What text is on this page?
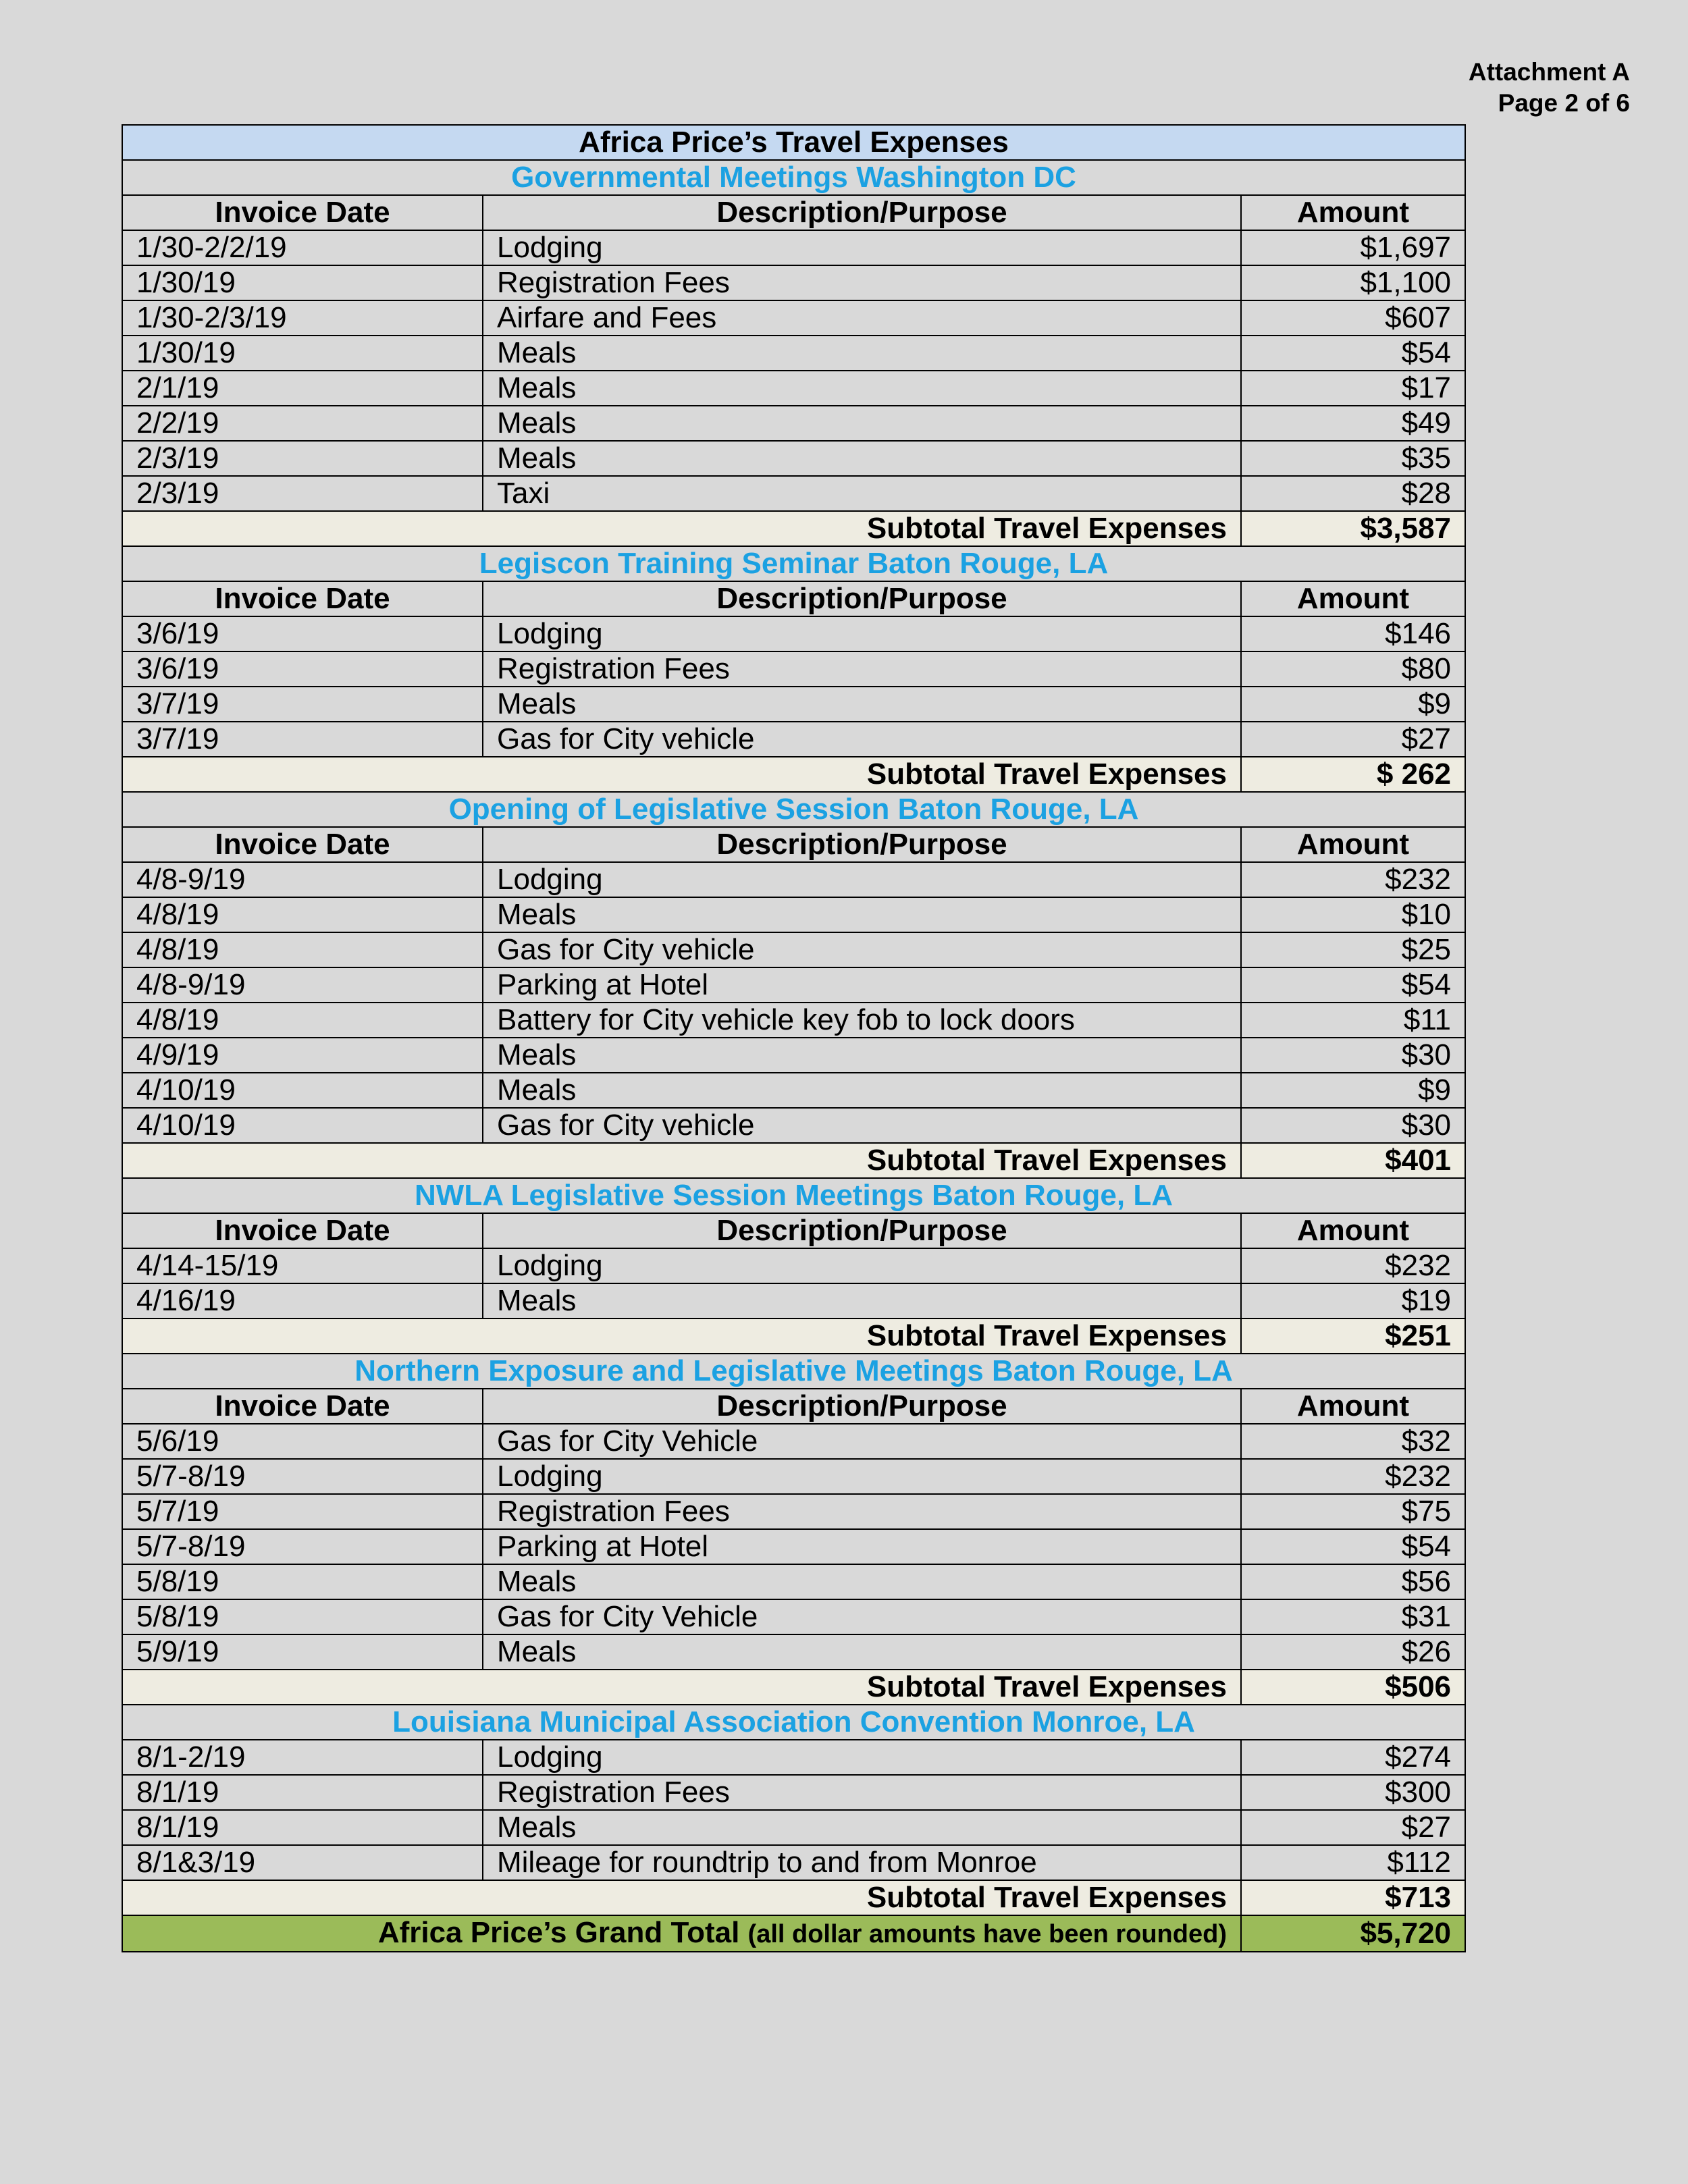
Attachment A
Page 2 of 6
Africa Price’s Travel Expenses		
Governmental Meetings Washington DC		
Invoice Date	Description/Purpose	Amount
1/30-2/2/19	Lodging	$1,697
1/30/19	Registration Fees	$1,100
1/30-2/3/19	Airfare and Fees	$607
1/30/19	Meals	$54
2/1/19	Meals	$17
2/2/19	Meals	$49
2/3/19	Meals	$35
2/3/19	Taxi	$28
Subtotal Travel Expenses		$3,587
Legiscon Training Seminar Baton Rouge, LA		
Invoice Date	Description/Purpose	Amount
3/6/19	Lodging	$146
3/6/19	Registration Fees	$80
3/7/19	Meals	$9
3/7/19	Gas for City vehicle	$27
Subtotal Travel Expenses		$ 262
Opening of Legislative Session Baton Rouge, LA		
Invoice Date	Description/Purpose	Amount
4/8-9/19	Lodging	$232
4/8/19	Meals	$10
4/8/19	Gas for City vehicle	$25
4/8-9/19	Parking at Hotel	$54
4/8/19	Battery for City vehicle key fob to lock doors	$11
4/9/19	Meals	$30
4/10/19	Meals	$9
4/10/19	Gas for City vehicle	$30
Subtotal Travel Expenses		$401
NWLA Legislative Session Meetings Baton Rouge, LA		
Invoice Date	Description/Purpose	Amount
4/14-15/19	Lodging	$232
4/16/19	Meals	$19
Subtotal Travel Expenses		$251
Northern Exposure and Legislative Meetings Baton Rouge, LA		
Invoice Date	Description/Purpose	Amount
5/6/19	Gas for City Vehicle	$32
5/7-8/19	Lodging	$232
5/7/19	Registration Fees	$75
5/7-8/19	Parking at Hotel	$54
5/8/19	Meals	$56
5/8/19	Gas for City Vehicle	$31
5/9/19	Meals	$26
Subtotal Travel Expenses		$506
Louisiana Municipal Association Convention Monroe, LA		
8/1-2/19	Lodging	$274
8/1/19	Registration Fees	$300
8/1/19	Meals	$27
8/1&3/19	Mileage for roundtrip to and from Monroe	$112
Subtotal Travel Expenses		$713
Africa Price’s Grand Total (all dollar amounts have been rounded)		$5,720
